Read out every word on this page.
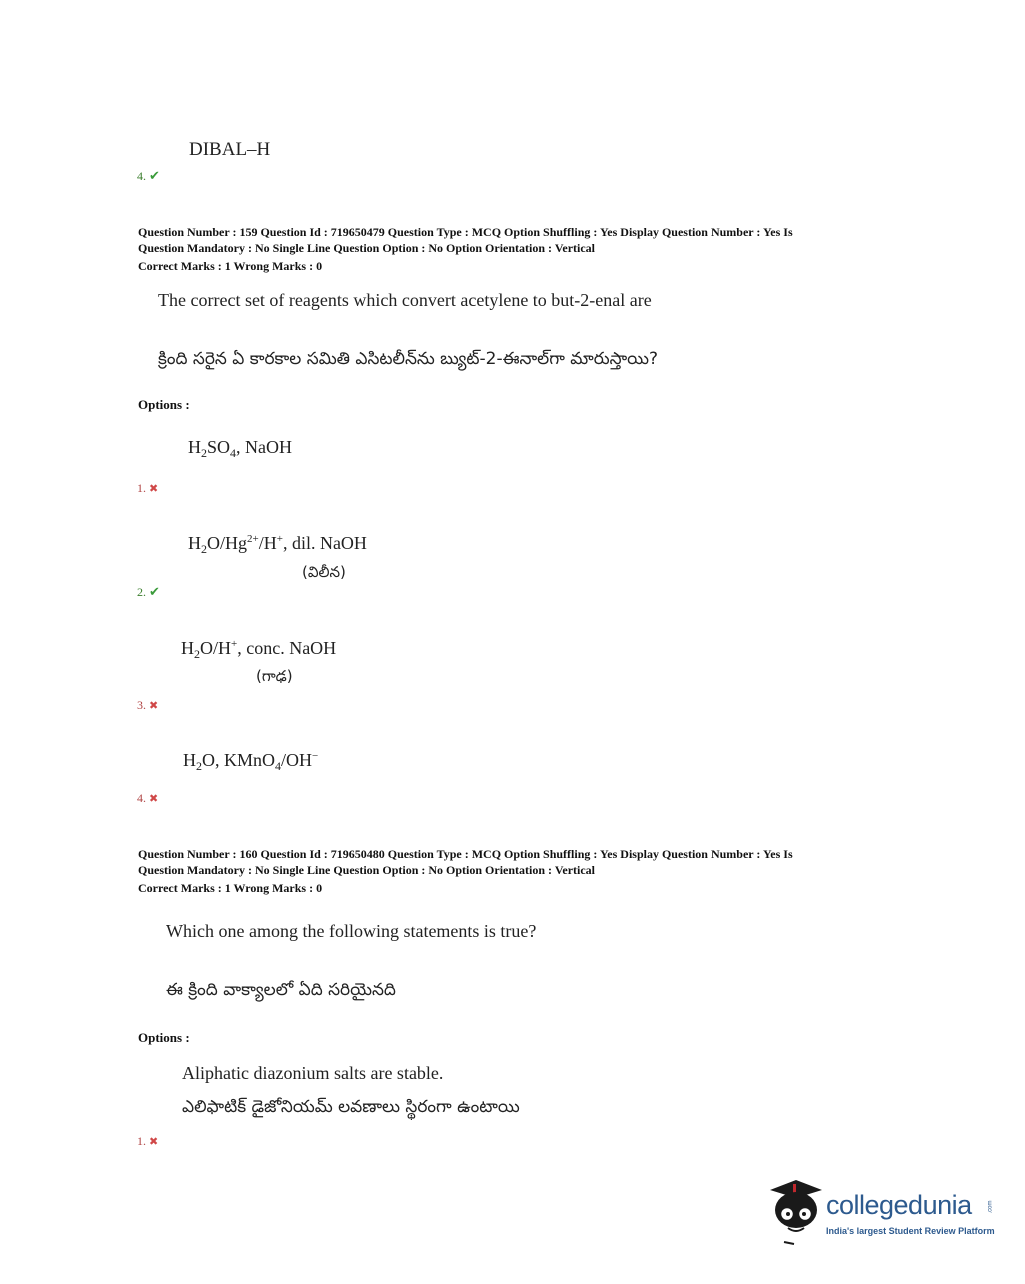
DIBAL–H
4. ✔
Question Number : 159 Question Id : 719650479 Question Type : MCQ Option Shuffling : Yes Display Question Number : Yes Is
Question Mandatory : No Single Line Question Option : No Option Orientation : Vertical
Correct Marks : 1 Wrong Marks : 0
The correct set of reagents which convert acetylene to but-2-enal are
క్రింది సరైన ఏ కారకాల సమితి ఎసిటలీన్‌ను బ్యుట్-2-ఈనాల్‌గా మారుస్తాయి?
Options :
$H_2SO_4$, NaOH
1. ✖
$H_2O/Hg^{2+}/H^+$, dil. NaOH
(విలీన)
2. ✔
$H_2O/H^+$, conc. NaOH
(గాఢ)
3. ✖
$H_2O$, KMnO$_4$/OH−
4. ✖
Question Number : 160 Question Id : 719650480 Question Type : MCQ Option Shuffling : Yes Display Question Number : Yes Is
Question Mandatory : No Single Line Question Option : No Option Orientation : Vertical
Correct Marks : 1 Wrong Marks : 0
Which one among the following statements is true?
ఈ క్రింది వాక్యాలలో ఏది సరియైనది
Options :
Aliphatic diazonium salts are stable.
ఎలిఫాటిక్ డైజోనియమ్ లవణాలు స్థిరంగా ఉంటాయి
1. ✖
collegedunia	.com
India's largest Student Review Platform
